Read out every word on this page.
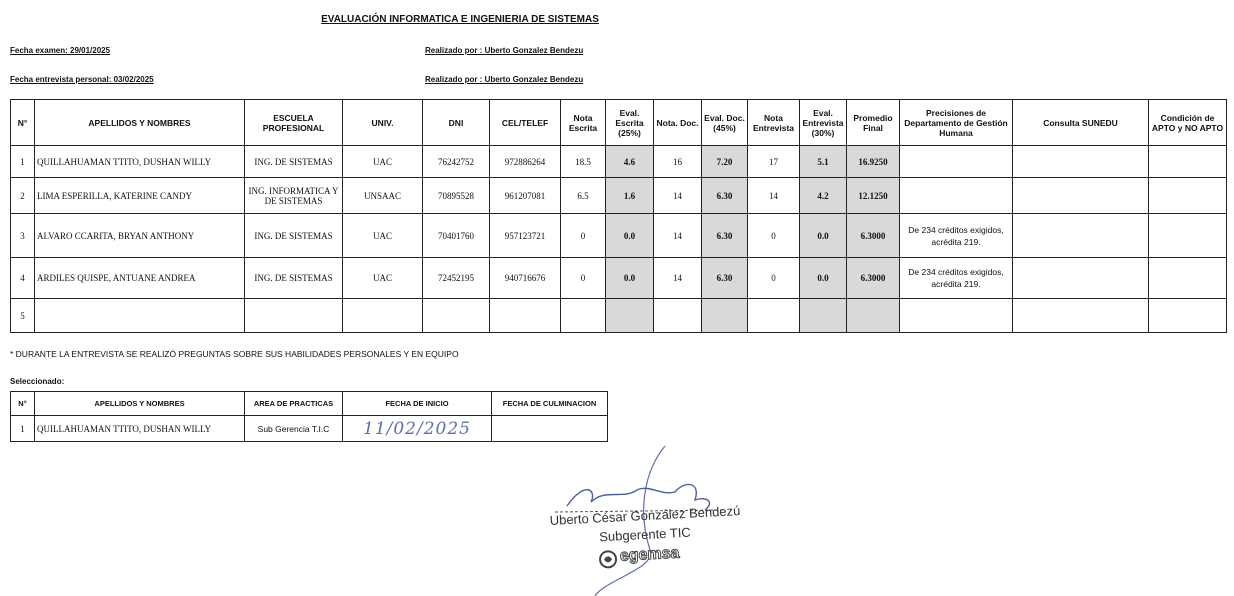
EVALUACIÓN INFORMATICA E INGENIERIA DE SISTEMAS
Fecha examen: 29/01/2025	Realizado por : Uberto Gonzalez Bendezu
Fecha entrevista personal: 03/02/2025	Realizado por : Uberto Gonzalez Bendezu
N°	APELLIDOS Y NOMBRES	ESCUELA PROFESIONAL	UNIV.	DNI	CEL/TELEF	Nota Escrita	Eval. Escrita (25%)	Nota. Doc.	Eval. Doc. (45%)	Nota Entrevista	Eval. Entrevista (30%)	Promedio Final	Precisiones de Departamento de Gestión Humana	Consulta SUNEDU	Condición de APTO y NO APTO
1	QUILLAHUAMAN TTITO, DUSHAN WILLY	ING. DE SISTEMAS	UAC	76242752	972886264	18.5	4.6	16	7.20	17	5.1	16.9250			
2	LIMA ESPERILLA, KATERINE CANDY	ING. INFORMATICA Y DE SISTEMAS	UNSAAC	70895528	961207081	6.5	1.6	14	6.30	14	4.2	12.1250			
3	ALVARO CCARITA, BRYAN ANTHONY	ING. DE SISTEMAS	UAC	70401760	957123721	0	0.0	14	6.30	0	0.0	6.3000	De 234 créditos exigidos, acrédita 219.		
4	ARDILES QUISPE, ANTUANE ANDREA	ING. DE SISTEMAS	UAC	72452195	940716676	0	0.0	14	6.30	0	0.0	6.3000	De 234 créditos exigidos, acrédita 219.		
5															
* DURANTE LA ENTREVISTA SE REALIZÓ PREGUNTAS SOBRE SUS HABILIDADES PERSONALES Y EN EQUIPO
Seleccionado:
N°	APELLIDOS Y NOMBRES	AREA DE PRACTICAS	FECHA DE INICIO	FECHA DE CULMINACION
1	QUILLAHUAMAN TTITO, DUSHAN WILLY	Sub Gerencia T.I.C	11/02/2025	
Uberto César González Bendezú
Subgerente TIC
egemsa
